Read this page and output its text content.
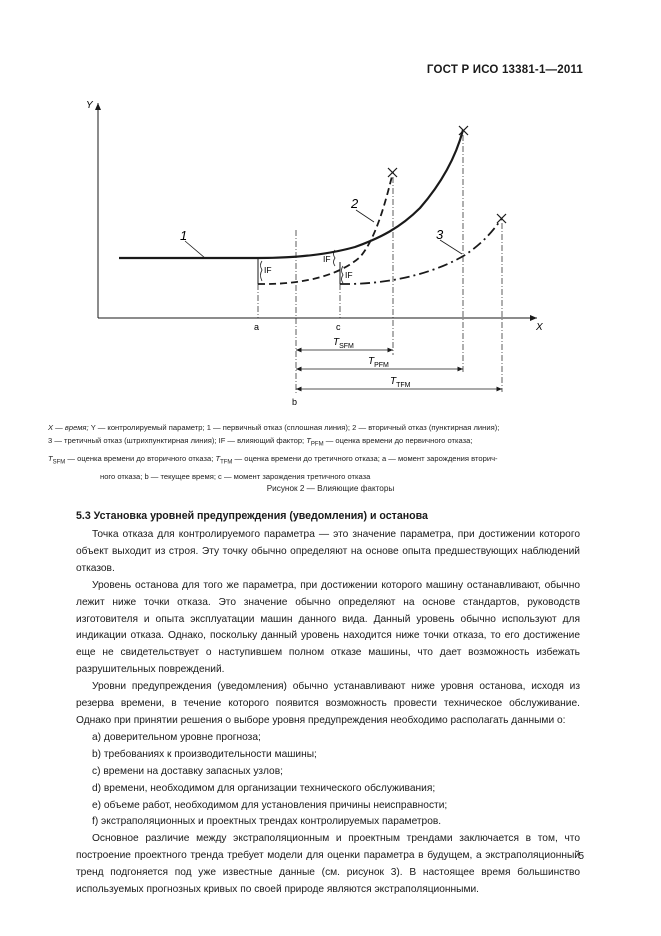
ГОСТ Р ИСО 13381-1—2011
Y
X
1
2
3
IF
IF
IF
a	c
b
$T_{SFM}$
$T_{PFM}$
$T_{TFM}$
X — время; Y — контролируемый параметр; 1 — первичный отказ (сплошная линия); 2 — вторичный отказ (пунктирная линия);
3 — третичный отказ (штрихпунктирная линия); IF — влияющий фактор; $T_{PFM}$ — оценка времени до первичного отказа;
$T_{SFM}$ — оценка времени до вторичного отказа; $T_{TFM}$ — оценка времени до третичного отказа; a — момент зарождения вторич-
ного отказа; b — текущее время; c — момент зарождения третичного отказа
Рисунок 2 — Влияющие факторы
5.3 Установка уровней предупреждения (уведомления) и останова

Точка отказа для контролируемого параметра — это значение параметра, при достижении которого объект выходит из строя. Эту точку обычно определяют на основе опыта предшествующих наблюдений отказов.

Уровень останова для того же параметра, при достижении которого машину останавливают, обычно лежит ниже точки отказа. Это значение обычно определяют на основе стандартов, руководств изготовителя и опыта эксплуатации машин данного вида. Данный уровень обычно используют для индикации отказа. Однако, поскольку данный уровень находится ниже точки отказа, то его достижение еще не свидетельствует о наступившем полном отказе машины, что дает возможность избежать разрушительных повреждений.

Уровни предупреждения (уведомления) обычно устанавливают ниже уровня останова, исходя из резерва времени, в течение которого появится возможность провести техническое обслуживание. Однако при принятии решения о выборе уровня предупреждения необходимо располагать данными о:

a) доверительном уровне прогноза;
b) требованиях к производительности машины;
c) времени на доставку запасных узлов;
d) времени, необходимом для организации технического обслуживания;
e) объеме работ, необходимом для установления причины неисправности;
f) экстраполяционных и проектных трендах контролируемых параметров.

Основное различие между экстраполяционным и проектным трендами заключается в том, что построение проектного тренда требует модели для оценки параметра в будущем, а экстраполяционный тренд подгоняется под уже известные данные (см. рисунок 3). В настоящее время большинство используемых прогнозных кривых по своей природе являются экстраполяционными.

5
